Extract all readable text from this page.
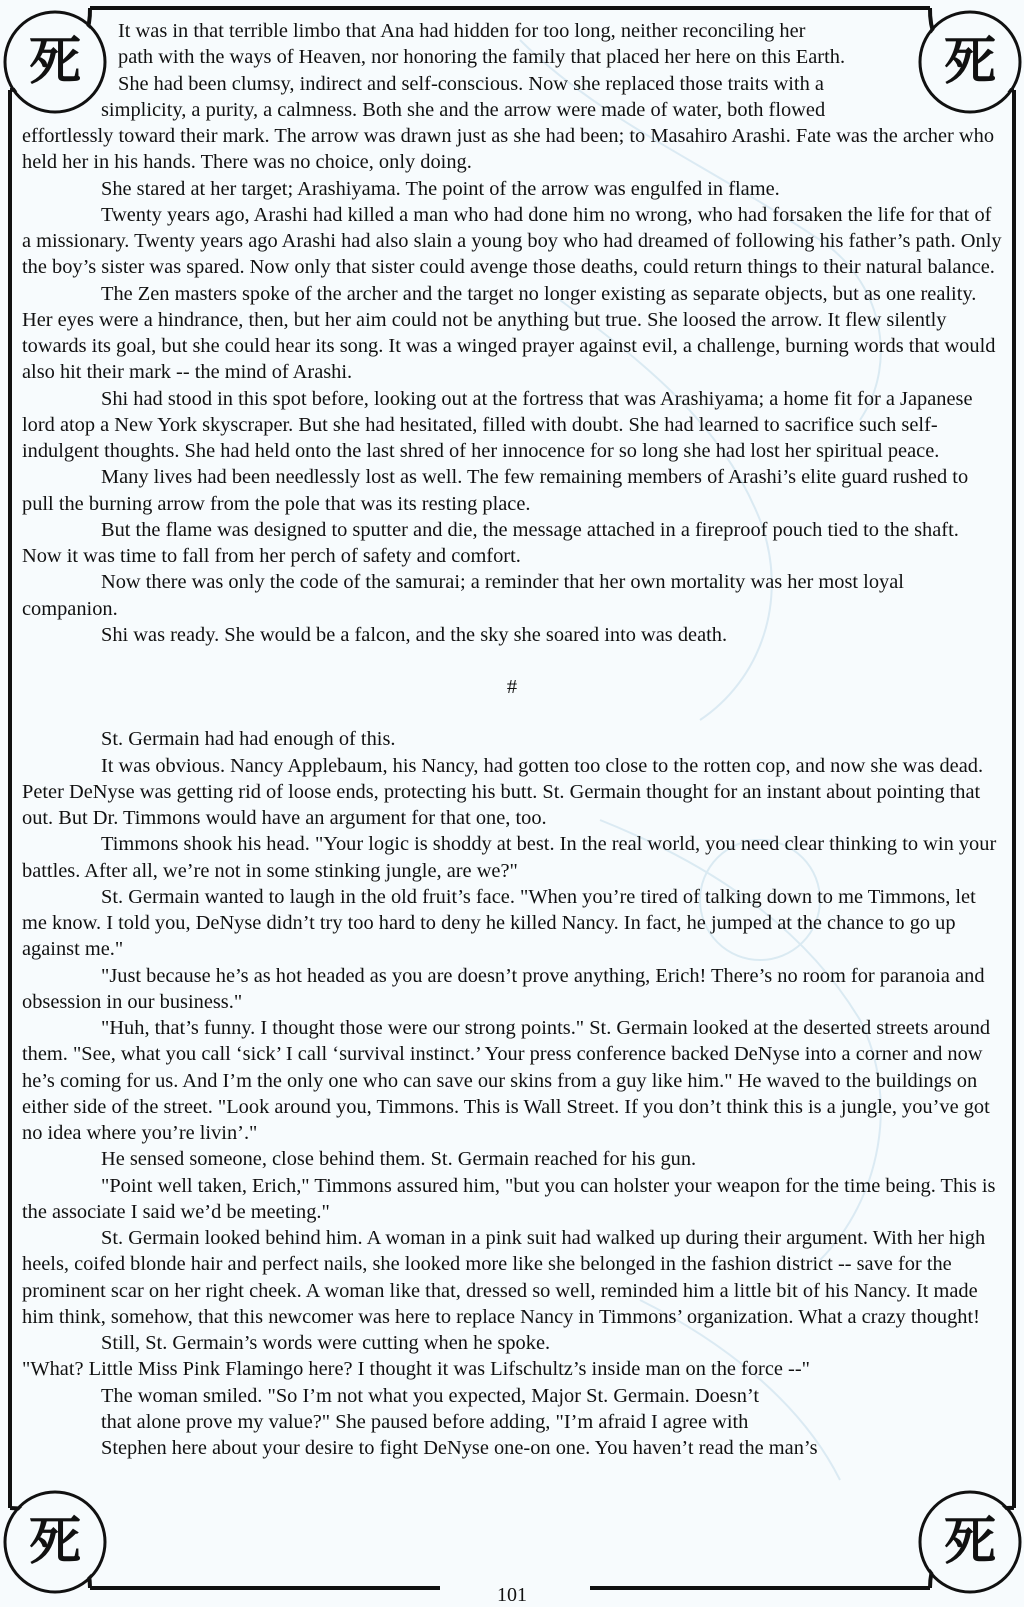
死	死
死	死
It was in that terrible limbo that Ana had hidden for too long, neither reconciling her
path with the ways of Heaven, nor honoring the family that placed her here on this Earth.
She had been clumsy, indirect and self-conscious. Now she replaced those traits with a
simplicity, a purity, a calmness. Both she and the arrow were made of water, both flowed

effortlessly toward their mark. The arrow was drawn just as she had been; to Masahiro Arashi. Fate was the archer who held her in his hands. There was no choice, only doing.

She stared at her target; Arashiyama. The point of the arrow was engulfed in flame.

Twenty years ago, Arashi had killed a man who had done him no wrong, who had forsaken the life for that of a missionary. Twenty years ago Arashi had also slain a young boy who had dreamed of following his father’s path. Only the boy’s sister was spared. Now only that sister could avenge those deaths, could return things to their natural balance.

The Zen masters spoke of the archer and the target no longer existing as separate objects, but as one reality. Her eyes were a hindrance, then, but her aim could not be anything but true. She loosed the arrow. It flew silently towards its goal, but she could hear its song. It was a winged prayer against evil, a challenge, burning words that would also hit their mark -- the mind of Arashi.

Shi had stood in this spot before, looking out at the fortress that was Arashiyama; a home fit for a Japanese lord atop a New York skyscraper. But she had hesitated, filled with doubt. She had learned to sacrifice such self-indulgent thoughts. She had held onto the last shred of her innocence for so long she had lost her spiritual peace.

Many lives had been needlessly lost as well. The few remaining members of Arashi’s elite guard rushed to pull the burning arrow from the pole that was its resting place.

But the flame was designed to sputter and die, the message attached in a fireproof pouch tied to the shaft. Now it was time to fall from her perch of safety and comfort.

Now there was only the code of the samurai; a reminder that her own mortality was her most loyal companion.

Shi was ready. She would be a falcon, and the sky she soared into was death.

#

St. Germain had had enough of this.

It was obvious. Nancy Applebaum, his Nancy, had gotten too close to the rotten cop, and now she was dead. Peter DeNyse was getting rid of loose ends, protecting his butt. St. Germain thought for an instant about pointing that out. But Dr. Timmons would have an argument for that one, too.

Timmons shook his head. "Your logic is shoddy at best. In the real world, you need clear thinking to win your battles. After all, we’re not in some stinking jungle, are we?"

St. Germain wanted to laugh in the old fruit’s face. "When you’re tired of talking down to me Timmons, let me know. I told you, DeNyse didn’t try too hard to deny he killed Nancy. In fact, he jumped at the chance to go up against me."

"Just because he’s as hot headed as you are doesn’t prove anything, Erich! There’s no room for paranoia and obsession in our business."

"Huh, that’s funny. I thought those were our strong points." St. Germain looked at the deserted streets around them. "See, what you call ‘sick’ I call ‘survival instinct.’ Your press conference backed DeNyse into a corner and now he’s coming for us. And I’m the only one who can save our skins from a guy like him." He waved to the buildings on either side of the street. "Look around you, Timmons. This is Wall Street. If you don’t think this is a jungle, you’ve got no idea where you’re livin’."

He sensed someone, close behind them. St. Germain reached for his gun.

"Point well taken, Erich," Timmons assured him, "but you can holster your weapon for the time being. This is the associate I said we’d be meeting."

St. Germain looked behind him. A woman in a pink suit had walked up during their argument. With her high heels, coifed blonde hair and perfect nails, she looked more like she belonged in the fashion district -- save for the prominent scar on her right cheek. A woman like that, dressed so well, reminded him a little bit of his Nancy. It made him think, somehow, that this newcomer was here to replace Nancy in Timmons’ organization. What a crazy thought!

Still, St. Germain’s words were cutting when he spoke.

"What? Little Miss Pink Flamingo here? I thought it was Lifschultz’s inside man on the force --"

The woman smiled. "So I’m not what you expected, Major St. Germain. Doesn’t
that alone prove my value?" She paused before adding, "I’m afraid I agree with
Stephen here about your desire to fight DeNyse one-on one. You haven’t read the man’s
101
